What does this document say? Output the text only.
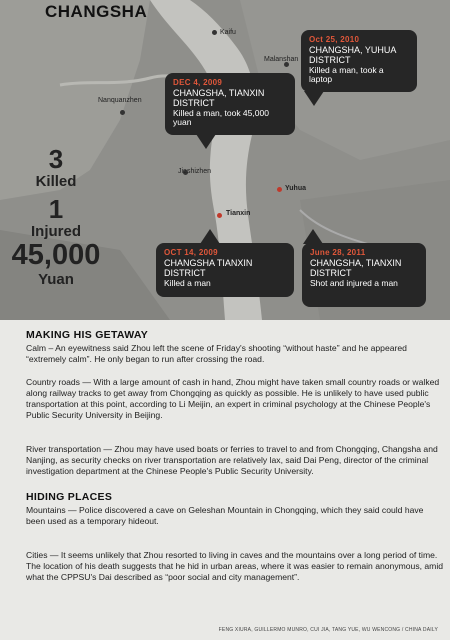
CHANGSHA
Kaifu
Malanshan
Nanquanzhen
Jieshizhen
Yuhua
Tianxin
3
Killed
1
Injured
45,000
Yuan
DEC 4, 2009
CHANGSHA, TIANXIN DISTRICT
Killed a man, took 45,000 yuan
Oct 25, 2010
CHANGSHA, YUHUA DISTRICT
Killed a man, took a laptop
OCT 14, 2009
CHANGSHA TIANXIN DISTRICT
Killed a man
June 28, 2011
CHANGSHA, TIANXIN DISTRICT
Shot and injured a man
MAKING HIS GETAWAY

Calm – An eyewitness said Zhou left the scene of Friday's shooting “without haste” and he appeared “extremely calm”. He only began to run after crossing the road.

Country roads — With a large amount of cash in hand, Zhou might have taken small country roads or walked along railway tracks to get away from Chongqing as quickly as possible. He is unlikely to have used public transportation at this point, according to Li Meijin, an expert in criminal psychology at the Chinese People's Public Security University in Beijing.

River transportation — Zhou may have used boats or ferries to travel to and from Chongqing, Changsha and Nanjing, as security checks on river transportation are relatively lax, said Dai Peng, director of the criminal investigation department at the Chinese People's Public Security University.

HIDING PLACES

Mountains — Police discovered a cave on Geleshan Mountain in Chongqing, which they said could have been used as a temporary hideout.

Cities — It seems unlikely that Zhou resorted to living in caves and the mountains over a long period of time. The location of his death suggests that he hid in urban areas, where it was easier to remain anonymous, amid what the CPPSU's Dai described as “poor social and city management”.

FENG XIURA, GUILLERMO MUNRO, CUI JIA, TANG YUE, WU WENCONG / CHINA DAILY
